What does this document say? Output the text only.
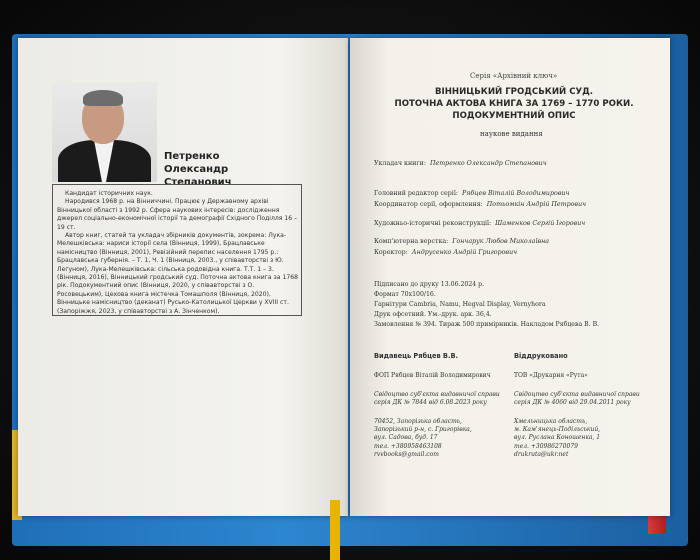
Петренко
Олександр
Степанович

Кандидат історичних наук.

Народився 1968 р. на Вінниччині. Працює у Державному архіві Вінницької області з 1992 р. Сфера наукових інтересів: дослідження джерел соціально-економічної історії та демографії Східного Поділля 16 – 19 ст.

Автор книг, статей та укладач збірників документів, зокрема: Лука-Мелешківська: нариси історії села (Вінниця, 1999), Брацлавське намісництво (Вінниця, 2001), Ревізійний перепис населення 1795 р.: Брацлавська губернія. – Т. 1, Ч. 1 (Вінниця, 2003., у співавторстві з Ю. Легуном), Лука-Мелешківська: сільська родовідна книга. Т.Т. 1 – 3. (Вінниця, 2016), Вінницький гродський суд. Поточна актова книга за 1768 рік. Подокументний опис (Вінниця, 2020, у співавторстві з О. Росовецьким), Цехова книга містечка Томашполя (Вінниця, 2020), Вінницьке намісництво (деканат) Русько-Католицької Церкви у XVIII ст. (Запоріжжя, 2023, у співавторстві з А. Зінченком).

Серія «Архівний ключ»
ВІННИЦЬКИЙ ГРОДСЬКИЙ СУД.
ПОТОЧНА АКТОВА КНИГА ЗА 1769 – 1770 РОКИ.
ПОДОКУМЕНТНИЙ ОПИС
наукове видання
Укладач книги: Петренко Олександр Степанович
Головний редактор серії: Рябцев Віталій Володимирович
Координатор серії, оформлення: Потьомкін Андрій Петрович
Художньо-історичні реконструкції: Шаменков Сергій Ігорович
Комп'ютерна верстка: Гончарук Любов Миколаївна
Коректор: Андрусенко Андрій Григорович
Підписано до друку 13.06.2024 р.
Формат 70х100/16.
Гарнітури Cambria, Namu, Hegval Display, Vernyhora
Друк офсетний. Ум.-друк. арк. 36,4.
Замовлення № 394. Тираж 500 примірників. Накладом Рябцева В. В.
Видавець Рябцев В.В.
ФОП Рябцев Віталій Володимирович
Свідоцтво суб'єкта видавничої справи
серія ДК № 7844 від 6.08.2023 року
70452, Запорізька область,
Запорізький р-н, с. Григорівка,
вул. Садова, буд. 17
тел. +380958463108
rvvbooks@gmail.com
Віддруковано
ТОВ «Друкарня «Рута»
Свідоцтво суб'єкта видавничої справи
серія ДК № 4060 від 29.04.2011 року
Хмельницька область,
м. Кам'янець-Подільський,
вул. Руслана Коношенка, 1
тел. +30986270079
drukruta@ukr.net
